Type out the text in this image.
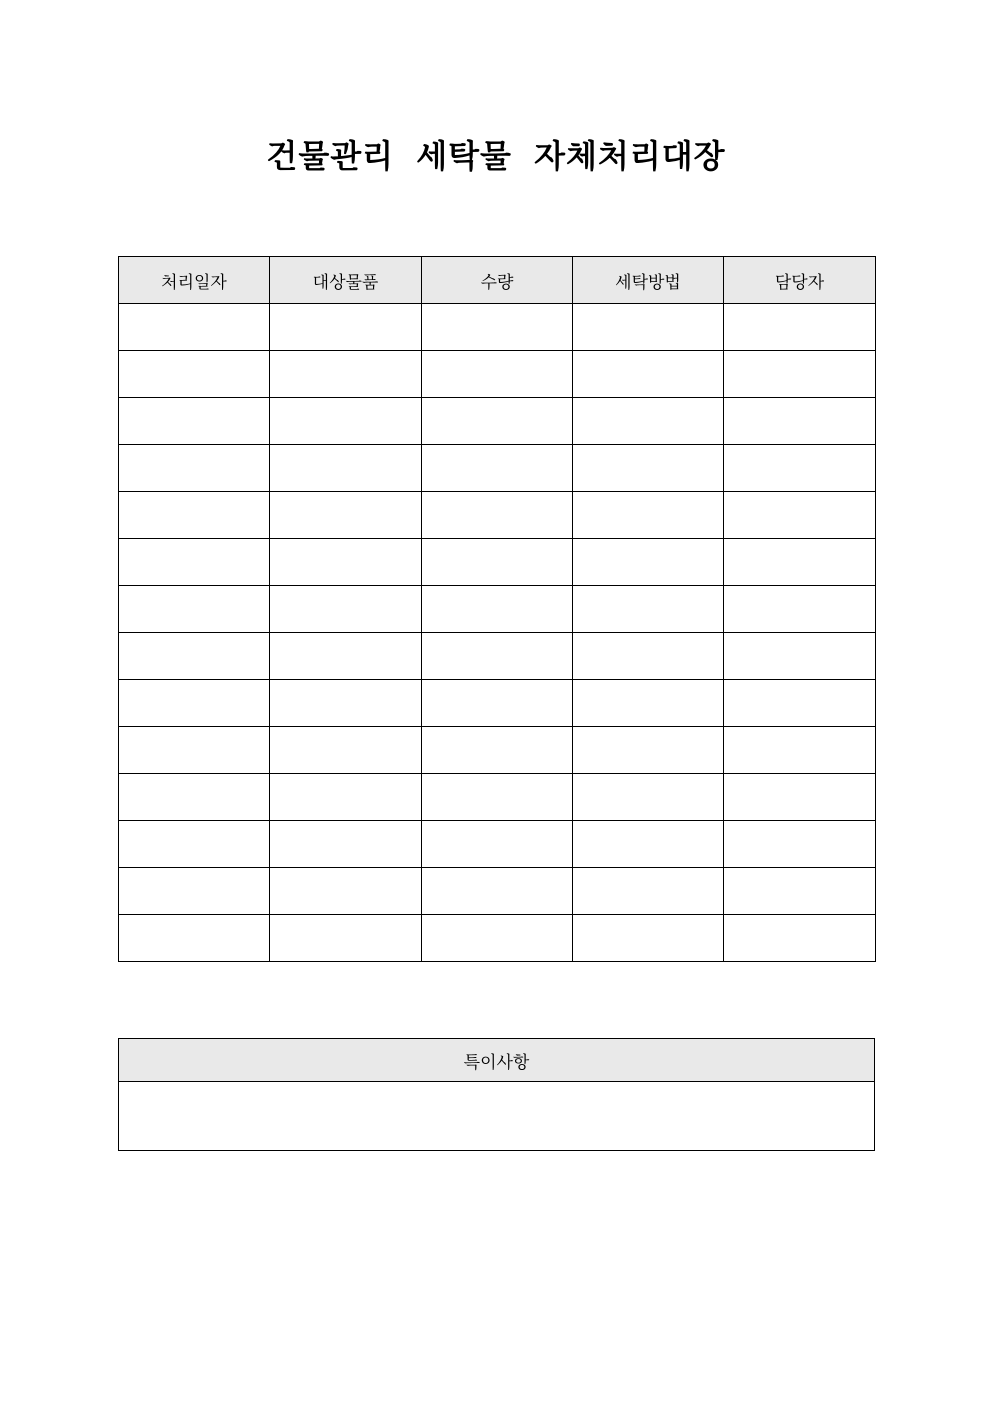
건물관리 세탁물 자체처리대장
처리일자	대상물품	수량	세탁방법	담당자

특이사항
